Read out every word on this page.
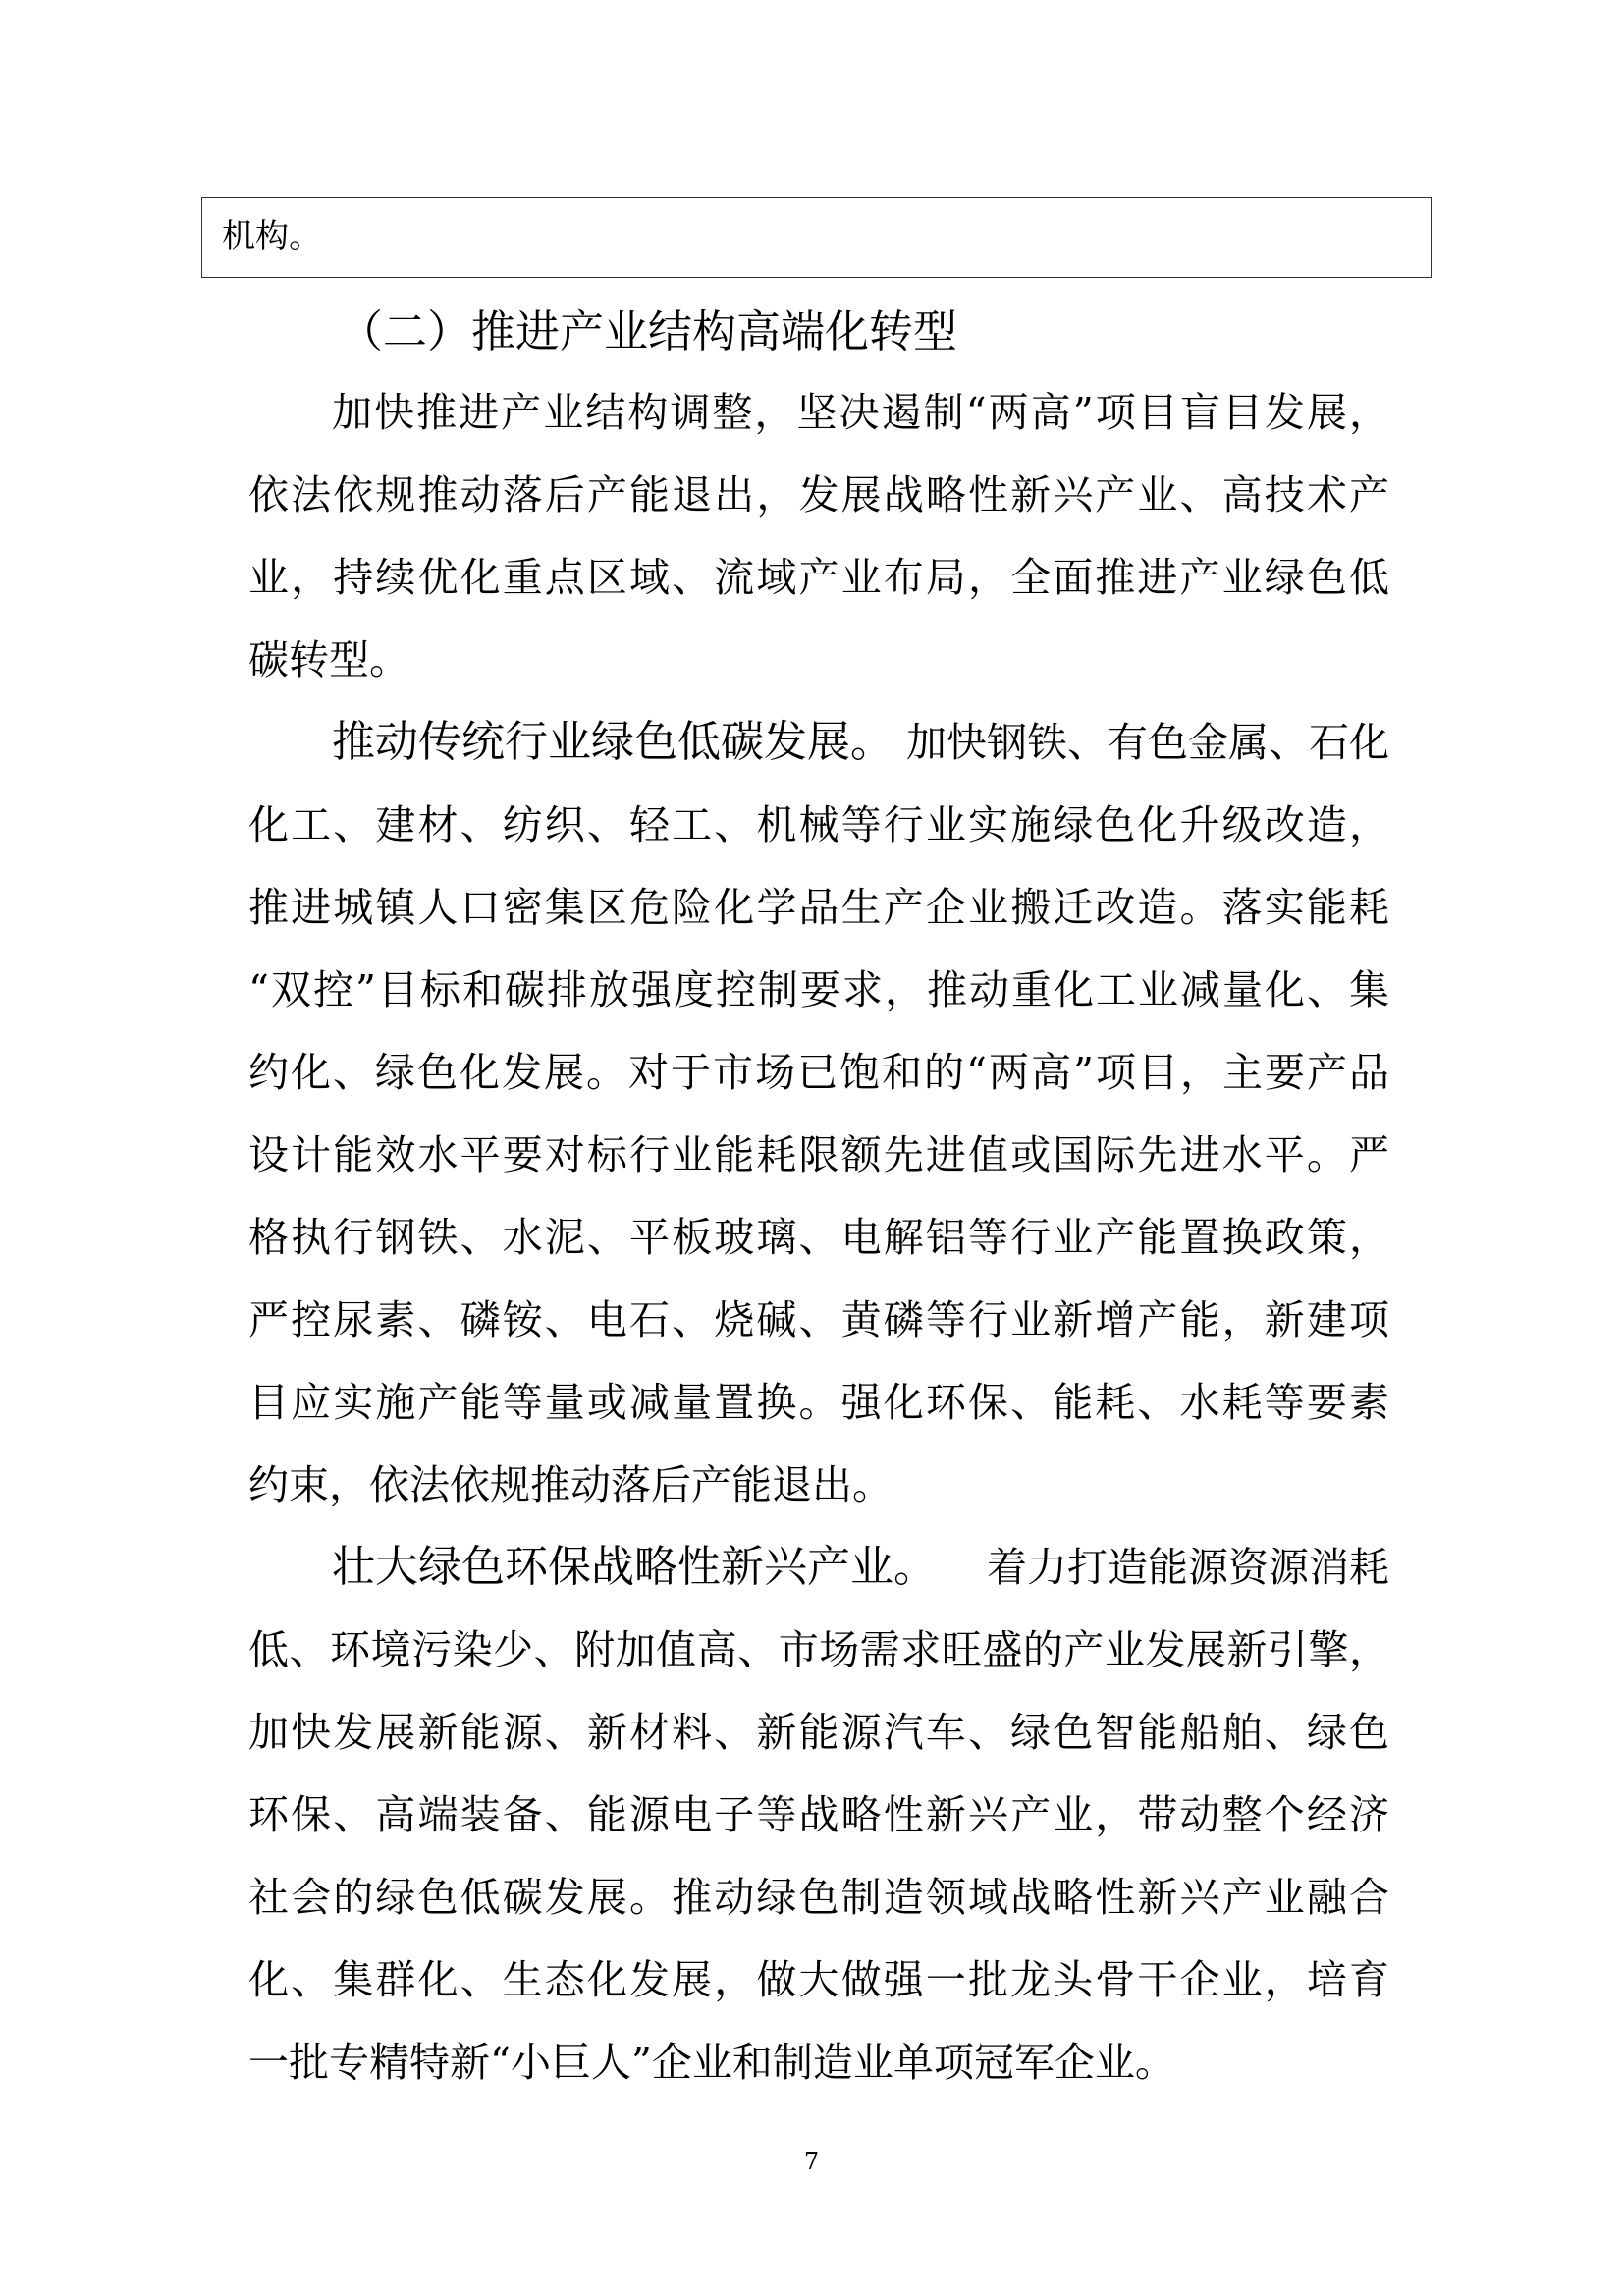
机构。
（二）推进产业结构高端化转型
加快推进产业结构调整，坚决遏制“两高”项目盲目发展，
依法依规推动落后产能退出，发展战略性新兴产业、高技术产
业，持续优化重点区域、流域产业布局，全面推进产业绿色低
碳转型。
推动传统行业绿色低碳发展。 加快钢铁、有色金属、石化
化工、建材、纺织、轻工、机械等行业实施绿色化升级改造，
推进城镇人口密集区危险化学品生产企业搬迁改造。落实能耗
“双控”目标和碳排放强度控制要求，推动重化工业减量化、集
约化、绿色化发展。对于市场已饱和的“两高”项目，主要产品
设计能效水平要对标行业能耗限额先进值或国际先进水平。严
格执行钢铁、水泥、平板玻璃、电解铝等行业产能置换政策，
严控尿素、磷铵、电石、烧碱、黄磷等行业新增产能，新建项
目应实施产能等量或减量置换。强化环保、能耗、水耗等要素
约束，依法依规推动落后产能退出。
壮大绿色环保战略性新兴产业。 着力打造能源资源消耗
低、环境污染少、附加值高、市场需求旺盛的产业发展新引擎，
加快发展新能源、新材料、新能源汽车、绿色智能船舶、绿色
环保、高端装备、能源电子等战略性新兴产业，带动整个经济
社会的绿色低碳发展。推动绿色制造领域战略性新兴产业融合
化、集群化、生态化发展，做大做强一批龙头骨干企业，培育
一批专精特新“小巨人”企业和制造业单项冠军企业。
7
